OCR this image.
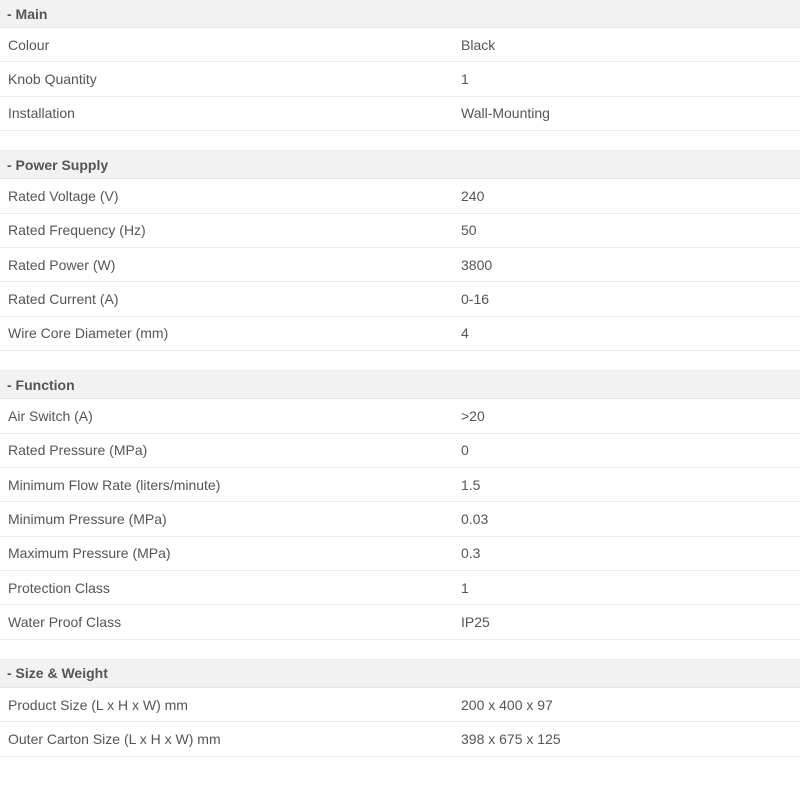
- Main
Colour	Black
Knob Quantity	1
Installation	Wall-Mounting
- Power Supply
Rated Voltage (V)	240
Rated Frequency (Hz)	50
Rated Power (W)	3800
Rated Current (A)	0-16
Wire Core Diameter (mm)	4
- Function
Air Switch (A)	>20
Rated Pressure (MPa)	0
Minimum Flow Rate (liters/minute)	1.5
Minimum Pressure (MPa)	0.03
Maximum Pressure (MPa)	0.3
Protection Class	1
Water Proof Class	IP25
- Size & Weight
Product Size (L x H x W) mm	200 x 400 x 97
Outer Carton Size (L x H x W) mm	398 x 675 x 125
